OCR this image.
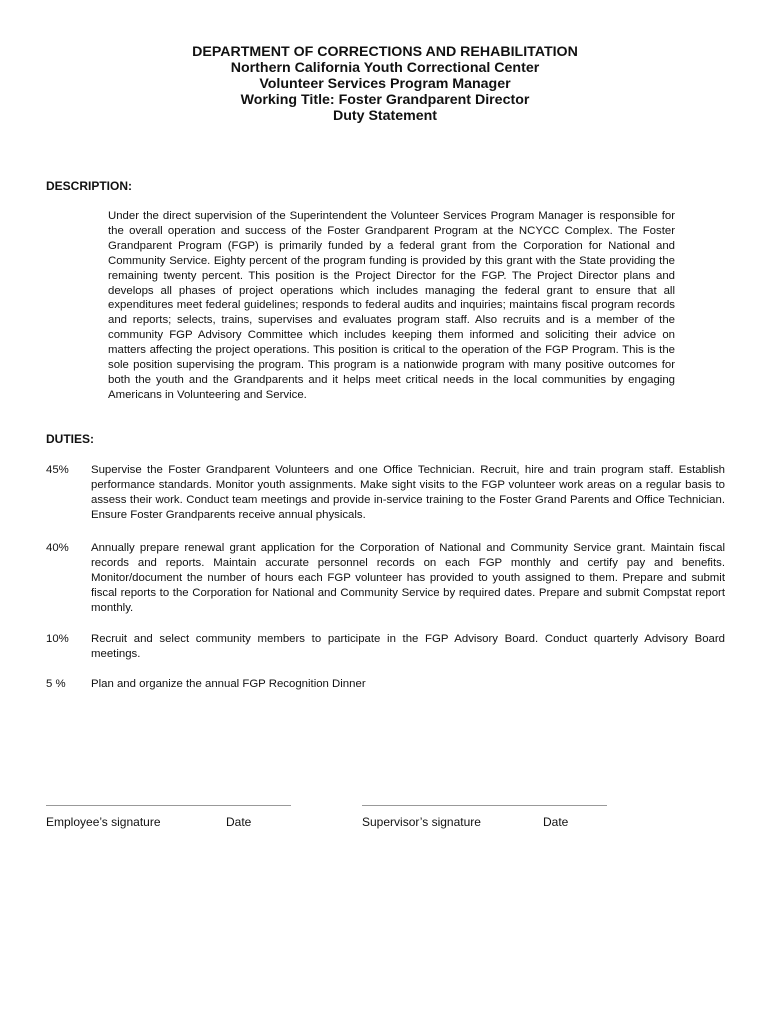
DEPARTMENT OF CORRECTIONS AND REHABILITATION
Northern California Youth Correctional Center
Volunteer Services Program Manager
Working Title: Foster Grandparent Director
Duty Statement
DESCRIPTION:
Under the direct supervision of the Superintendent the Volunteer Services Program Manager is responsible for the overall operation and success of the Foster Grandparent Program at the NCYCC Complex. The Foster Grandparent Program (FGP) is primarily funded by a federal grant from the Corporation for National and Community Service. Eighty percent of the program funding is provided by this grant with the State providing the remaining twenty percent. This position is the Project Director for the FGP. The Project Director plans and develops all phases of project operations which includes managing the federal grant to ensure that all expenditures meet federal guidelines; responds to federal audits and inquiries; maintains fiscal program records and reports; selects, trains, supervises and evaluates program staff. Also recruits and is a member of the community FGP Advisory Committee which includes keeping them informed and soliciting their advice on matters affecting the project operations. This position is critical to the operation of the FGP Program. This is the sole position supervising the program. This program is a nationwide program with many positive outcomes for both the youth and the Grandparents and it helps meet critical needs in the local communities by engaging Americans in Volunteering and Service.
DUTIES:
45% Supervise the Foster Grandparent Volunteers and one Office Technician. Recruit, hire and train program staff. Establish performance standards. Monitor youth assignments. Make sight visits to the FGP volunteer work areas on a regular basis to assess their work. Conduct team meetings and provide in-service training to the Foster Grand Parents and Office Technician. Ensure Foster Grandparents receive annual physicals.
40% Annually prepare renewal grant application for the Corporation of National and Community Service grant. Maintain fiscal records and reports. Maintain accurate personnel records on each FGP monthly and certify pay and benefits. Monitor/document the number of hours each FGP volunteer has provided to youth assigned to them. Prepare and submit fiscal reports to the Corporation for National and Community Service by required dates. Prepare and submit Compstat report monthly.
10% Recruit and select community members to participate in the FGP Advisory Board. Conduct quarterly Advisory Board meetings.
5 % Plan and organize the annual FGP Recognition Dinner
Employee’s signature	Date	Supervisor’s signature	Date
